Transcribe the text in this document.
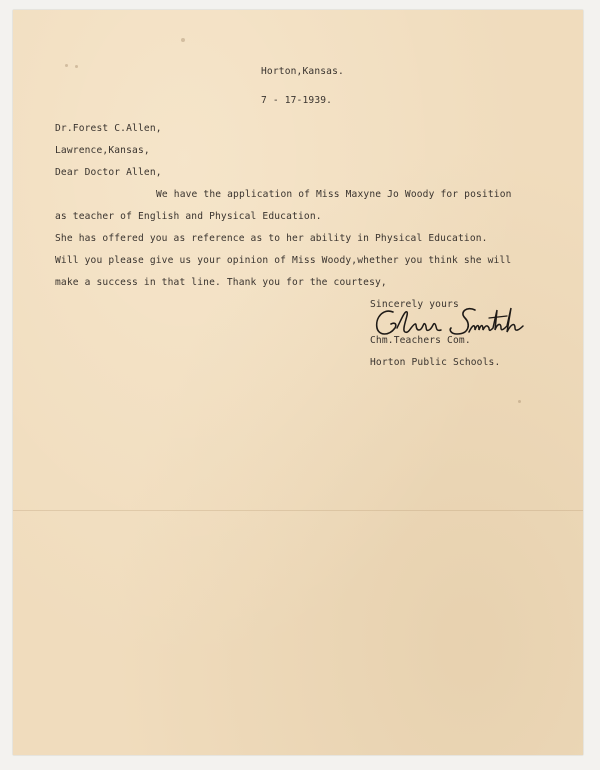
Horton,Kansas.
7 - 17-1939.
Dr.Forest C.Allen,
Lawrence,Kansas,
Dear Doctor Allen,
We have the application of Miss Maxyne Jo Woody for position
as teacher of English and Physical Education.
She has offered you as reference as to her ability in Physical Education.
Will you please give us your opinion of Miss Woody,whether you think she will
make a success in that line. Thank you for the courtesy,
Sincerely yours
Chm.Teachers Com.
Horton Public Schools.
